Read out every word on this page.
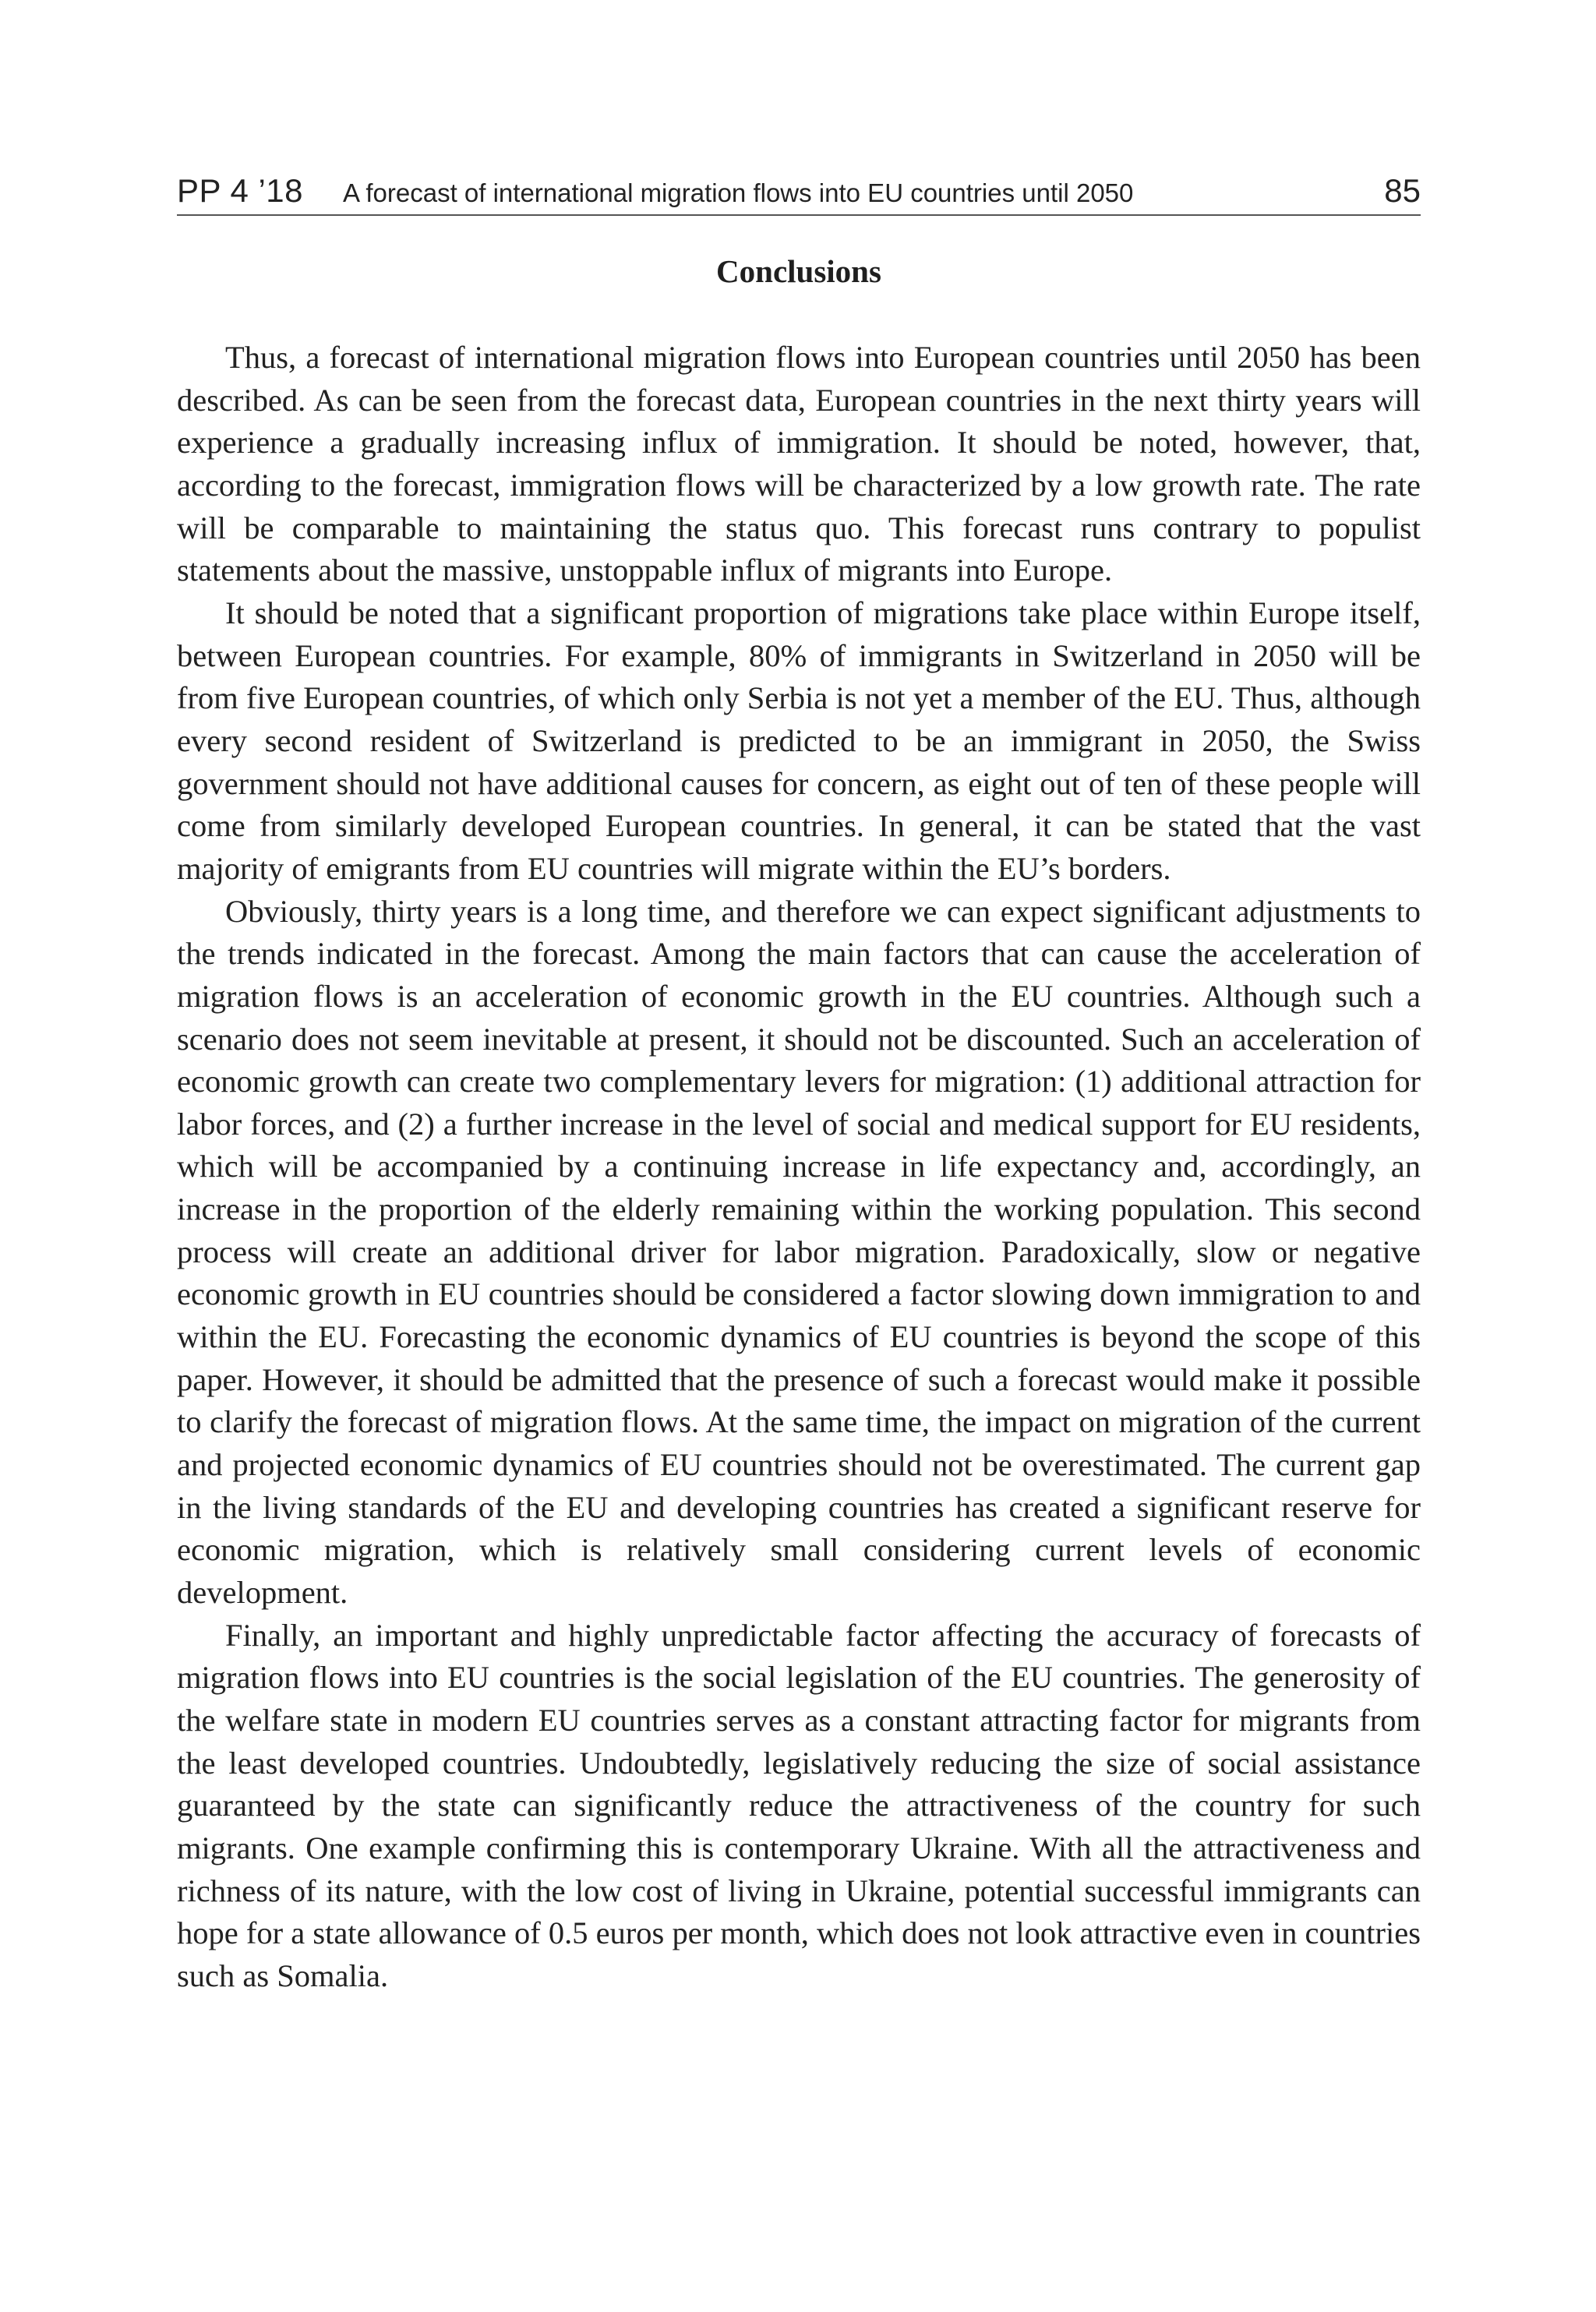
PP 4 ’18 A forecast of international migration flows into EU countries until 2050	85
Conclusions

Thus, a forecast of international migration flows into European countries until 2050 has been described. As can be seen from the forecast data, European countries in the next thirty years will experience a gradually increasing influx of immigration. It should be noted, however, that, according to the forecast, immigration flows will be characterized by a low growth rate. The rate will be comparable to maintaining the status quo. This forecast runs contrary to populist statements about the massive, unstoppable influx of migrants into Europe.

It should be noted that a significant proportion of migrations take place within Europe itself, between European countries. For example, 80% of immigrants in Switzerland in 2050 will be from five European countries, of which only Serbia is not yet a member of the EU. Thus, although every second resident of Switzerland is predicted to be an immigrant in 2050, the Swiss government should not have additional causes for concern, as eight out of ten of these people will come from similarly developed European countries. In general, it can be stated that the vast majority of emigrants from EU countries will migrate within the EU’s borders.

Obviously, thirty years is a long time, and therefore we can expect significant adjustments to the trends indicated in the forecast. Among the main factors that can cause the acceleration of migration flows is an acceleration of economic growth in the EU countries. Although such a scenario does not seem inevitable at present, it should not be discounted. Such an acceleration of economic growth can create two complementary levers for migration: (1) additional attraction for labor forces, and (2) a further increase in the level of social and medical support for EU residents, which will be accompanied by a continuing increase in life expectancy and, accordingly, an increase in the proportion of the elderly remaining within the working population. This second process will create an additional driver for labor migration. Paradoxically, slow or negative economic growth in EU countries should be considered a factor slowing down immigration to and within the EU. Forecasting the economic dynamics of EU countries is beyond the scope of this paper. However, it should be admitted that the presence of such a forecast would make it possible to clarify the forecast of migration flows. At the same time, the impact on migration of the current and projected economic dynamics of EU countries should not be overestimated. The current gap in the living standards of the EU and developing countries has created a significant reserve for economic migration, which is relatively small considering current levels of economic development.

Finally, an important and highly unpredictable factor affecting the accuracy of forecasts of migration flows into EU countries is the social legislation of the EU countries. The generosity of the welfare state in modern EU countries serves as a constant attracting factor for migrants from the least developed countries. Undoubtedly, legislatively reducing the size of social assistance guaranteed by the state can significantly reduce the attractiveness of the country for such migrants. One example confirming this is contemporary Ukraine. With all the attractiveness and richness of its nature, with the low cost of living in Ukraine, potential successful immigrants can hope for a state allowance of 0.5 euros per month, which does not look attractive even in countries such as Somalia.
